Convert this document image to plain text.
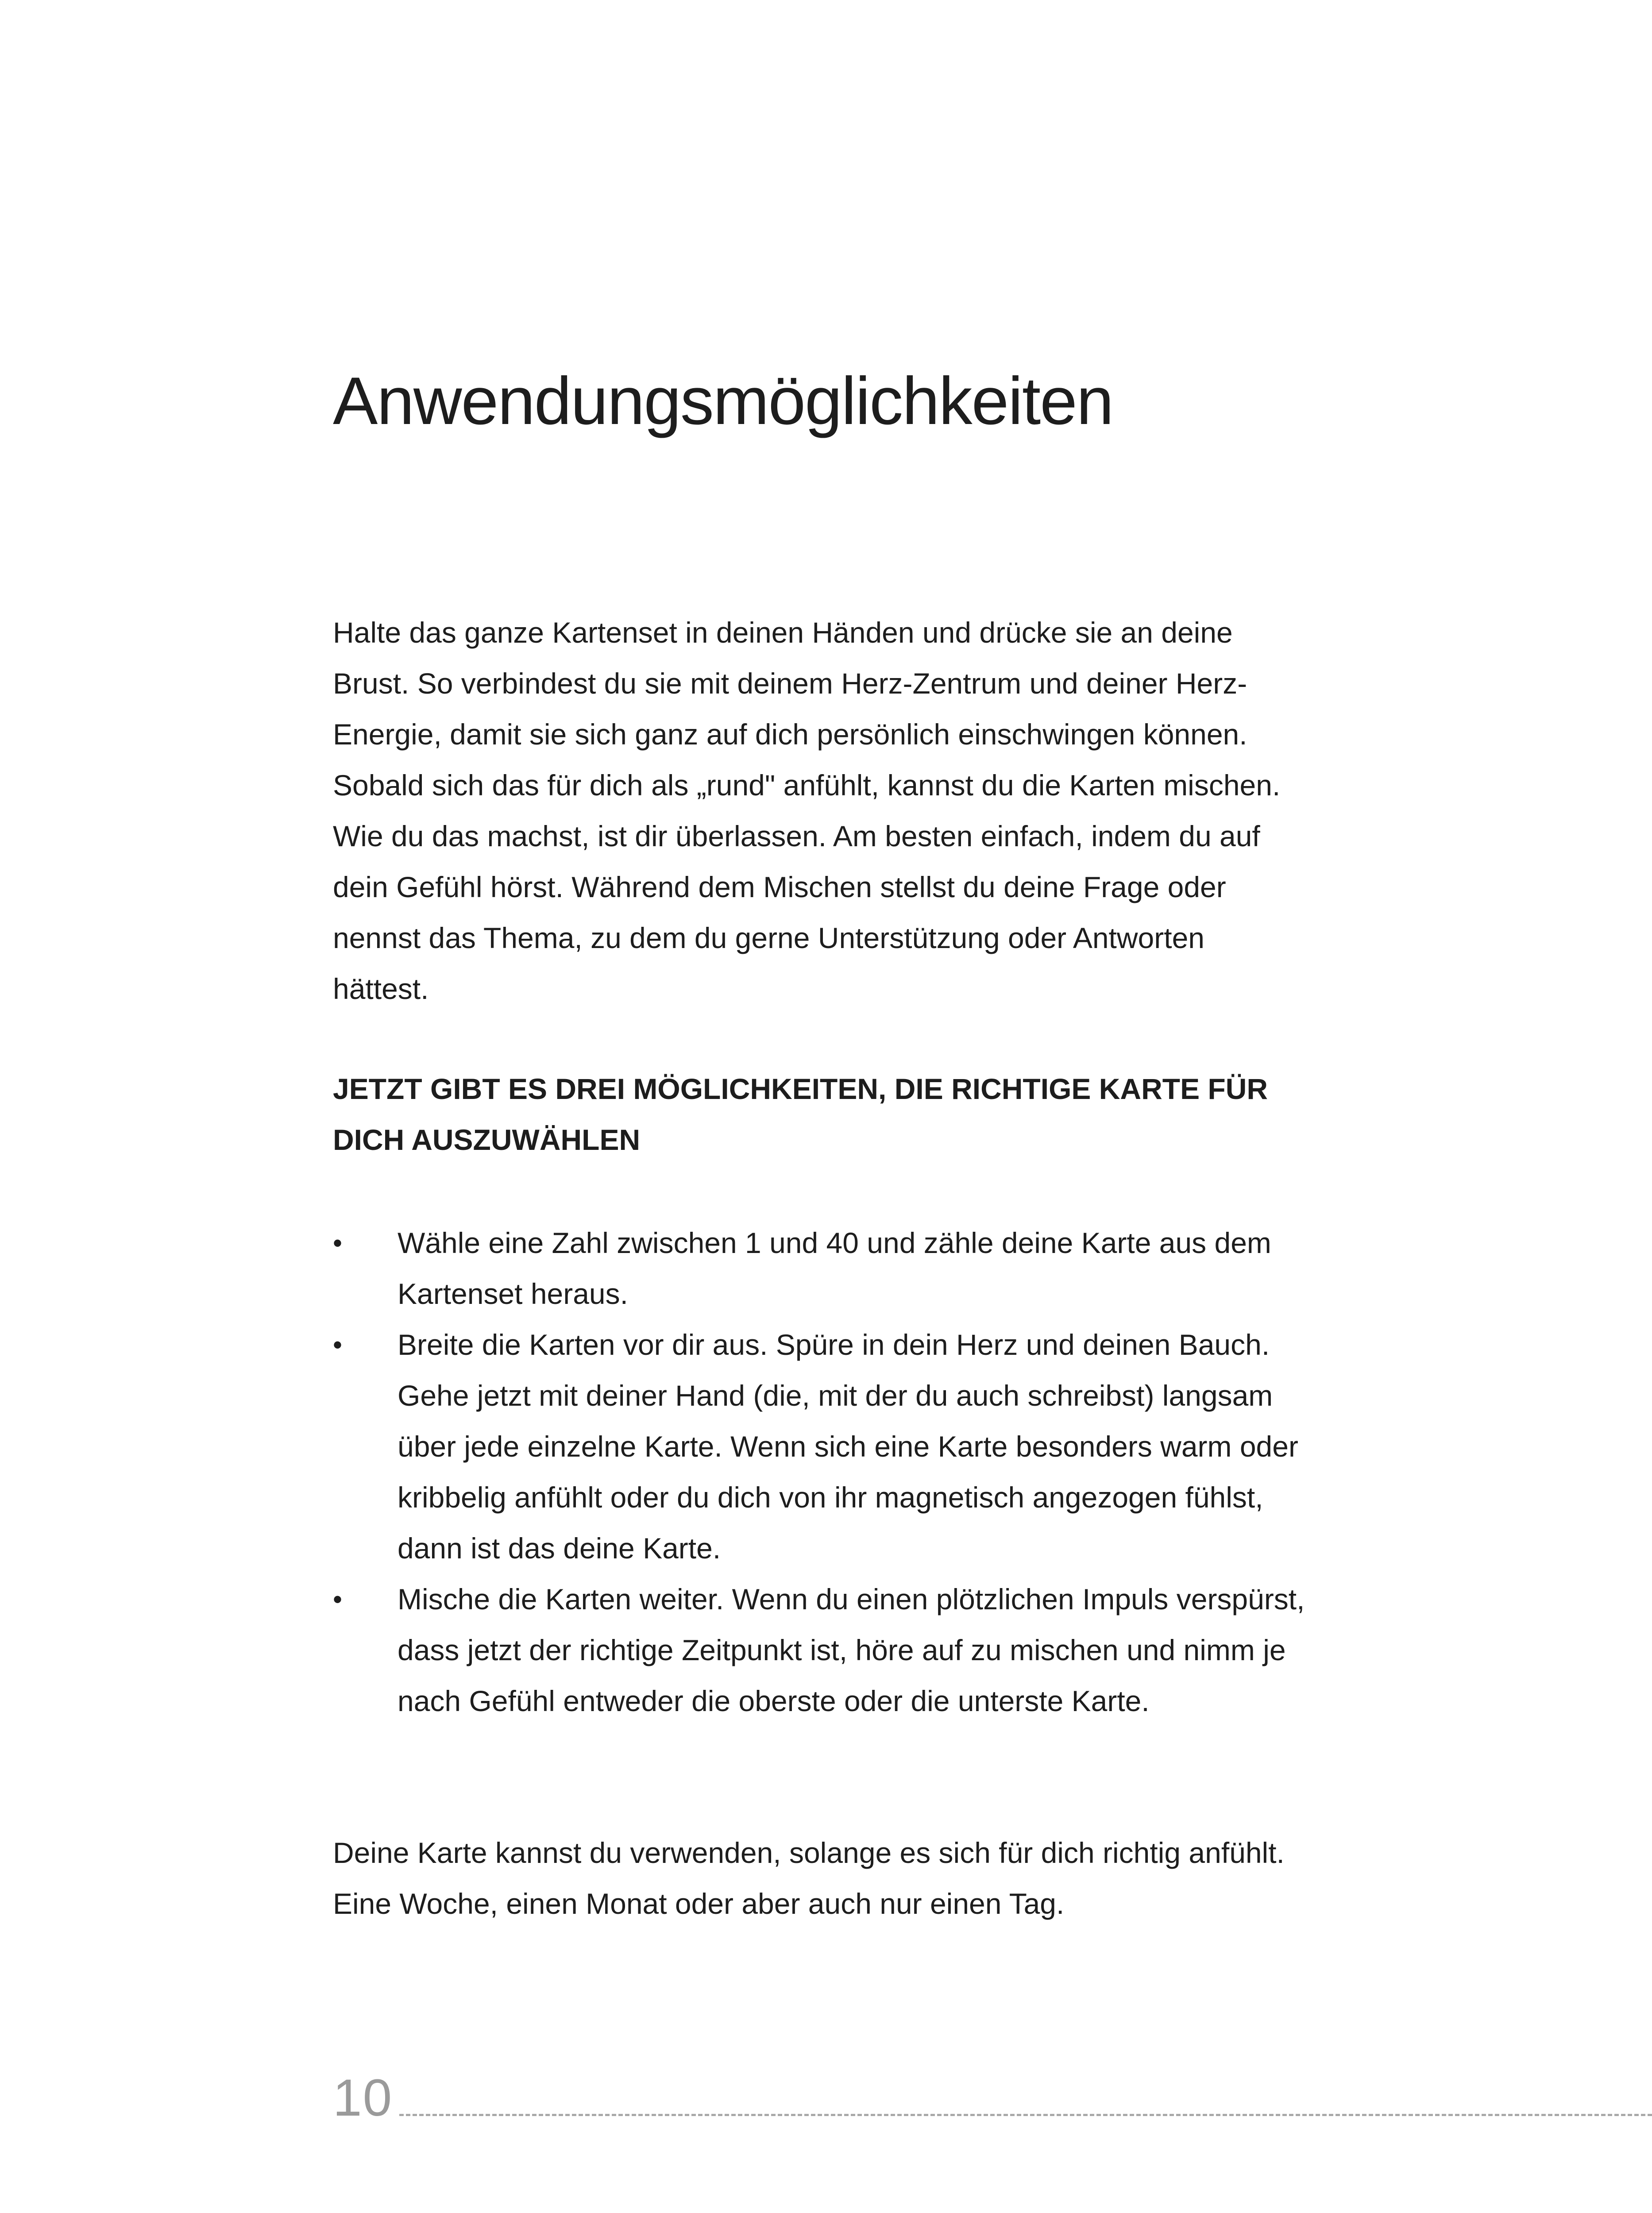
Anwendungsmöglichkeiten

Halte das ganze Kartenset in deinen Händen und drücke sie an deine Brust. So verbindest du sie mit deinem Herz-Zentrum und deiner Herz-Energie, damit sie sich ganz auf dich persönlich einschwingen können. Sobald sich das für dich als „rund" anfühlt, kannst du die Karten mischen. Wie du das machst, ist dir überlassen. Am besten einfach, indem du auf dein Gefühl hörst. Während dem Mischen stellst du deine Frage oder nennst das Thema, zu dem du gerne Unterstützung oder Antworten hättest.

JETZT GIBT ES DREI MÖGLICHKEITEN, DIE RICHTIGE KARTE FÜR DICH AUSZUWÄHLEN

• Wähle eine Zahl zwischen 1 und 40 und zähle deine Karte aus dem Kartenset heraus.
• Breite die Karten vor dir aus. Spüre in dein Herz und deinen Bauch. Gehe jetzt mit deiner Hand (die, mit der du auch schreibst) langsam über jede einzelne Karte. Wenn sich eine Karte besonders warm oder kribbelig anfühlt oder du dich von ihr magnetisch angezogen fühlst, dann ist das deine Karte.
• Mische die Karten weiter. Wenn du einen plötzlichen Impuls verspürst, dass jetzt der richtige Zeitpunkt ist, höre auf zu mischen und nimm je nach Gefühl entweder die oberste oder die unterste Karte.

Deine Karte kannst du verwenden, solange es sich für dich richtig anfühlt. Eine Woche, einen Monat oder aber auch nur einen Tag.

10
